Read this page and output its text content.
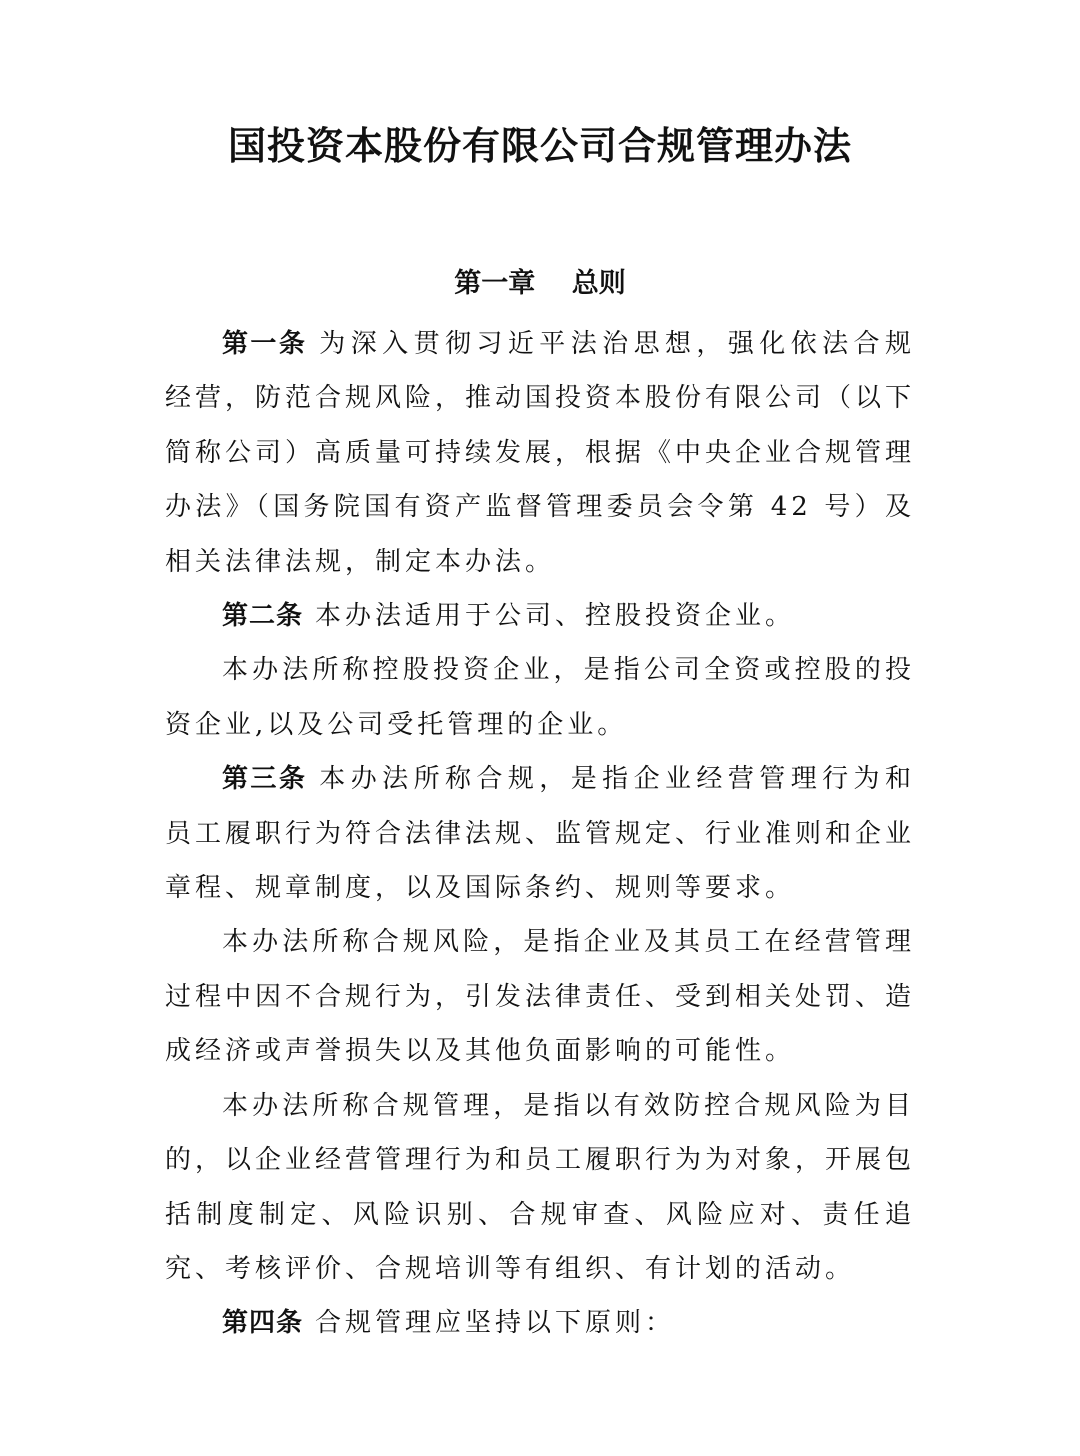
国投资本股份有限公司合规管理办法
第一章　 总则

第一条 为深入贯彻习近平法治思想，强化依法合规经营，防范合规风险，推动国投资本股份有限公司（以下简称公司）高质量可持续发展，根据《中央企业合规管理办法》（国务院国有资产监督管理委员会令第 42 号）及相关法律法规，制定本办法。

第二条 本办法适用于公司、控股投资企业。

本办法所称控股投资企业，是指公司全资或控股的投资企业,以及公司受托管理的企业。

第三条 本办法所称合规，是指企业经营管理行为和员工履职行为符合法律法规、监管规定、行业准则和企业章程、规章制度，以及国际条约、规则等要求。

本办法所称合规风险，是指企业及其员工在经营管理过程中因不合规行为，引发法律责任、受到相关处罚、造成经济或声誉损失以及其他负面影响的可能性。

本办法所称合规管理，是指以有效防控合规风险为目的，以企业经营管理行为和员工履职行为为对象，开展包括制度制定、风险识别、合规审查、风险应对、责任追究、考核评价、合规培训等有组织、有计划的活动。

第四条 合规管理应坚持以下原则：
